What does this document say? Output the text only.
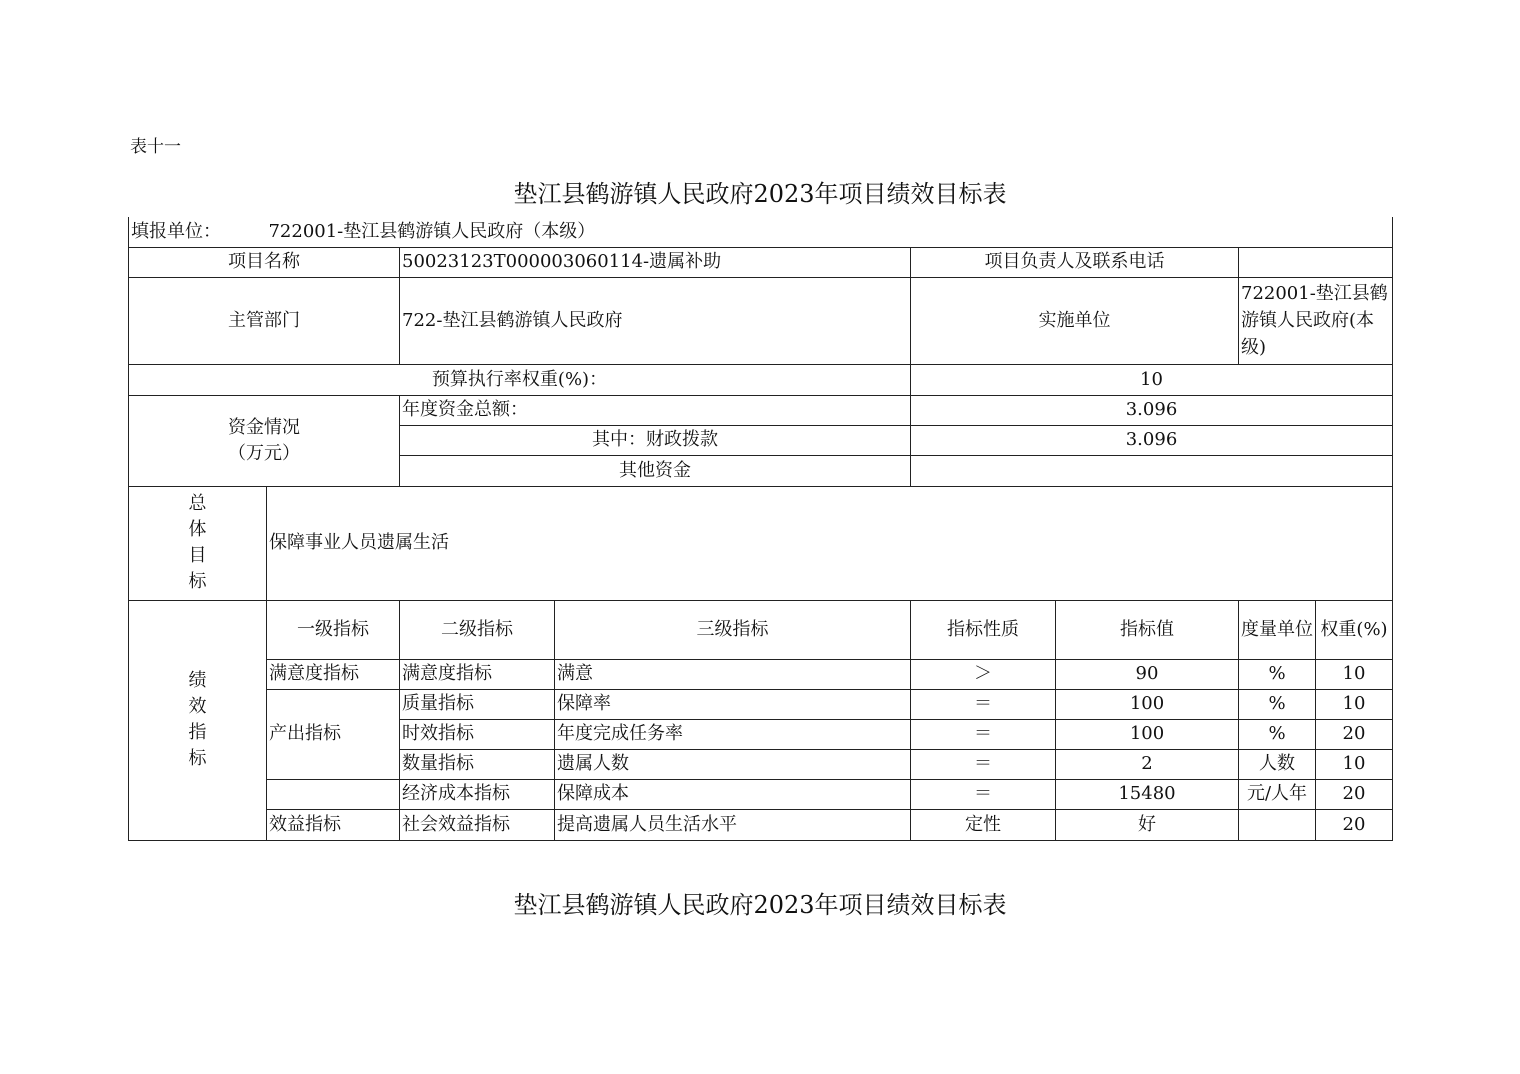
表十一
垫江县鹤游镇人民政府2023年项目绩效目标表
填报单位： 722001-垫江县鹤游镇人民政府（本级）							
项目名称		50023123T000003060114-遗属补助		项目负责人及联系电话			
主管部门		722-垫江县鹤游镇人民政府		实施单位		722001-垫江县鹤游镇人民政府(本级)	
预算执行率权重(%)：				10			

资金情况
（万元）		年度资金总额：		3.096			
		其中：财政拨款		3.096			
		其他资金					
总
体
目
标	保障事业人员遗属生活						
绩
效
指
标	一级指标	二级指标	三级指标	指标性质	指标值	度量单位	权重(%)
	满意度指标	满意度指标	满意	＞	90	%	10
	产出指标	质量指标	保障率	＝	100	%	10
		时效指标	年度完成任务率	＝	100	%	20
		数量指标	遗属人数	＝	2	人数	10
		经济成本指标	保障成本	＝	15480	元/人年	20
	效益指标	社会效益指标	提高遗属人员生活水平	定性	好		20
垫江县鹤游镇人民政府2023年项目绩效目标表
